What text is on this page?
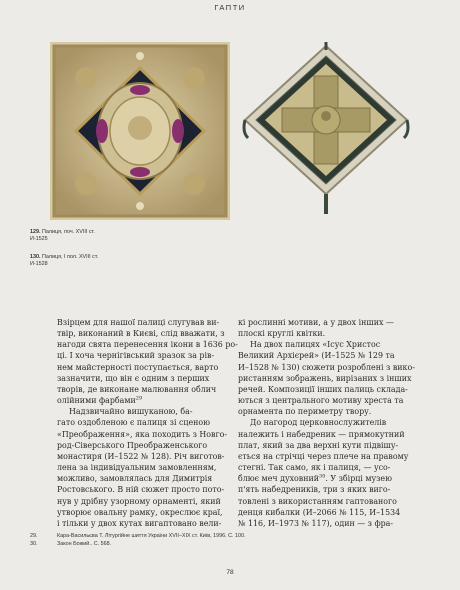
ГАПТИ
129. Палиця, поч. XVIII ст.
И-1525
130. Палиця, І пол. XVIII ст.
И-1528
Взірцем для нашої палиці слугував ви-
твір, виконаний в Києві, слід вважати, з
нагоди свята перенесення ікони в 1636 ро-
ці. І хоча чернігівський зразок за рів-
нем майстерності поступається, варто
зазначити, що він є одним з перших
творів, де виконане малювання облич
олійними фарбами$^{29}$
Надзвичайно вишуканою, ба-
гато оздобленою є палиця зі сценою
«Преображення», яка походить з Новго-
род-Сіверського Преображенського
монастиря (И–1522 № 128). Річ виготов-
лена за індивідуальним замовленням,
можливо, замовлялась для Димитрія
Ростовського. В ній сюжет просто пото-
нув у дрібну узорному орнаменті, який
утворює овальну рамку, окреслює краї,
і тільки у двох кутах вигаптовано вели-
кі рослинні мотиви, а у двох інших —
плоскі круглі квітки.
На двох палицях «Ісус Христос
Великий Архієрей» (И–1525 № 129 та
И–1528 № 130) сюжети розроблені з вико-
ристанням зображень, вирізаних з інших
речей. Композиції інших палиць склада-
ються з центрального мотиву хреста та
орнамента по периметру твору.
До нагород церковнослужителів
належить і набедреник — прямокутний
плат, який за два верхні кути підвішу-
ється на стрічці через плече на правому
стегні. Так само, як і палиця, — усо-
блює меч духовний$^{30}$. У збірці музею
п'ять набедреників, три з яких виго-
товлені з використанням гаптованого
денця кибалки (И–2066 № 115, И–1534
№ 116, И–1973 № 117), один — з фра-
29.	Кара-Васильєва Т. Літургійне шиття України XVII–XIX ст. Київ, 1996. С. 100.
30.	Закон Божий.. С. 568.
78
